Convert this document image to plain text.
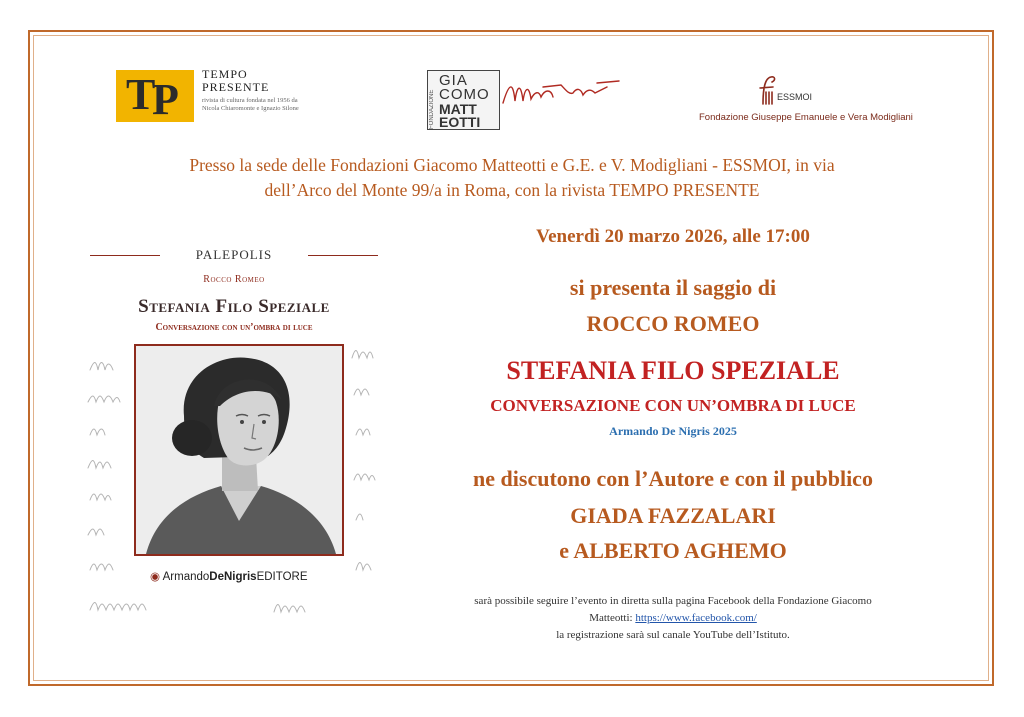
T
P
TEMPO
PRESENTE
rivista di cultura fondata nel 1956 da Nicola Chiaromonte e Ignazio Silone	FONDAZIONE
GIA
COMO
MATT
EOTTI
ESSMOI
Fondazione Giuseppe Emanuele e Vera Modigliani
Presso la sede delle Fondazioni Giacomo Matteotti e G.E. e V. Modigliani - ESSMOI, in via
dell’Arco del Monte 99/a in Roma, con la rivista TEMPO PRESENTE
PALEPOLIS
Rocco Romeo
Stefania Filo Speziale
Conversazione con un’ombra di luce
◉ ArmandoDeNigrisEDITORE
Venerdì 20 marzo 2026, alle 17:00
si presenta il saggio di
ROCCO ROMEO
STEFANIA FILO SPEZIALE
CONVERSAZIONE CON UN’OMBRA DI LUCE
Armando De Nigris 2025
ne discutono con l’Autore e con il pubblico
GIADA FAZZALARI
e ALBERTO AGHEMO
sarà possibile seguire l’evento in diretta sulla pagina Facebook della Fondazione Giacomo
Matteotti: https://www.facebook.com/
la registrazione sarà sul canale YouTube dell’Istituto.
